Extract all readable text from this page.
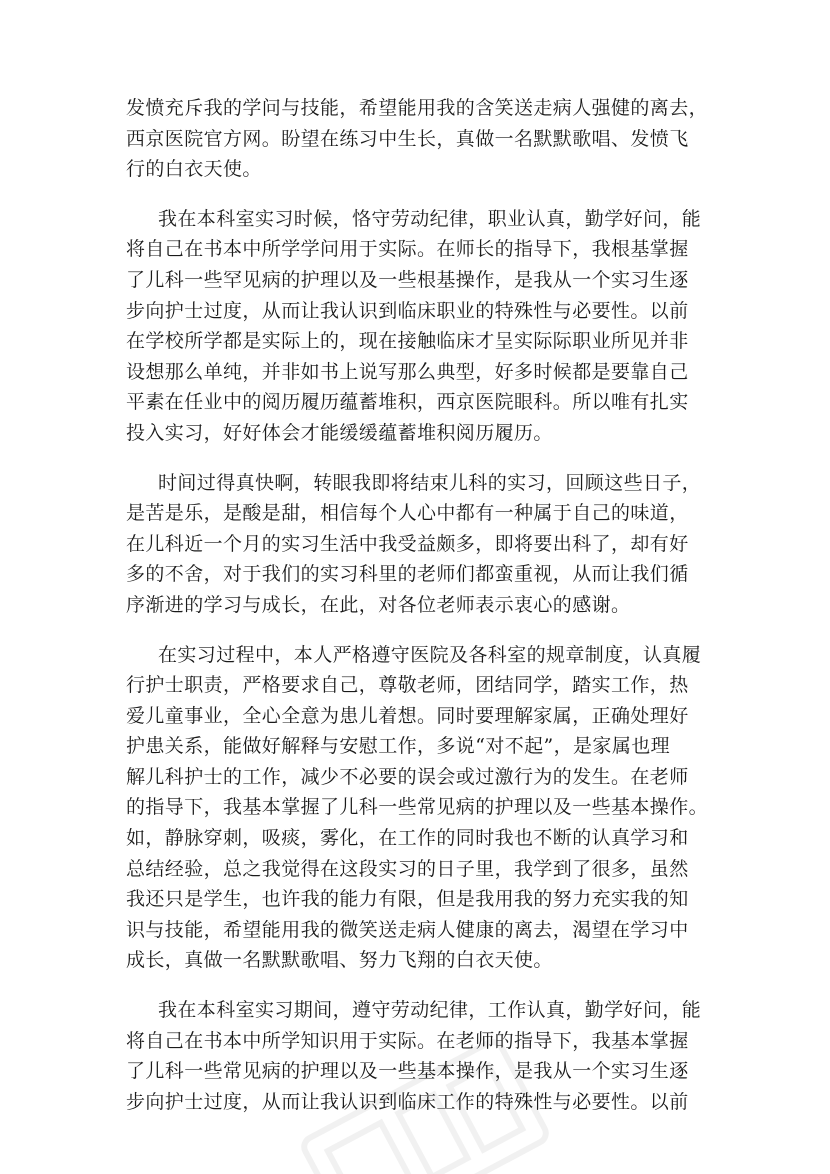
发愤充斥我的学问与技能，希望能用我的含笑送走病人强健的离去，
西京医院官方网。盼望在练习中生长，真做一名默默歌唱、发愤飞
行的白衣天使。

我在本科室实习时候，恪守劳动纪律，职业认真，勤学好问，能
将自己在书本中所学学问用于实际。在师长的指导下，我根基掌握
了儿科一些罕见病的护理以及一些根基操作，是我从一个实习生逐
步向护士过度，从而让我认识到临床职业的特殊性与必要性。以前
在学校所学都是实际上的，现在接触临床才呈实际际职业所见并非
设想那么单纯，并非如书上说写那么典型，好多时候都是要靠自己
平素在任业中的阅历履历蕴蓄堆积，西京医院眼科。所以唯有扎实
投入实习，好好体会才能缓缓蕴蓄堆积阅历履历。

时间过得真快啊，转眼我即将结束儿科的实习，回顾这些日子，
是苦是乐，是酸是甜，相信每个人心中都有一种属于自己的味道，
在儿科近一个月的实习生活中我受益颇多，即将要出科了，却有好
多的不舍，对于我们的实习科里的老师们都蛮重视，从而让我们循
序渐进的学习与成长，在此，对各位老师表示衷心的感谢。

在实习过程中，本人严格遵守医院及各科室的规章制度，认真履
行护士职责，严格要求自己，尊敬老师，团结同学，踏实工作，热
爱儿童事业，全心全意为患儿着想。同时要理解家属，正确处理好
护患关系，能做好解释与安慰工作，多说“对不起”，是家属也理
解儿科护士的工作，减少不必要的误会或过激行为的发生。在老师
的指导下，我基本掌握了儿科一些常见病的护理以及一些基本操作。
如，静脉穿刺，吸痰，雾化，在工作的同时我也不断的认真学习和
总结经验，总之我觉得在这段实习的日子里，我学到了很多，虽然
我还只是学生，也许我的能力有限，但是我用我的努力充实我的知
识与技能，希望能用我的微笑送走病人健康的离去，渴望在学习中
成长，真做一名默默歌唱、努力飞翔的白衣天使。

我在本科室实习期间，遵守劳动纪律，工作认真，勤学好问，能
将自己在书本中所学知识用于实际。在老师的指导下，我基本掌握
了儿科一些常见病的护理以及一些基本操作，是我从一个实习生逐
步向护士过度，从而让我认识到临床工作的特殊性与必要性。以前
